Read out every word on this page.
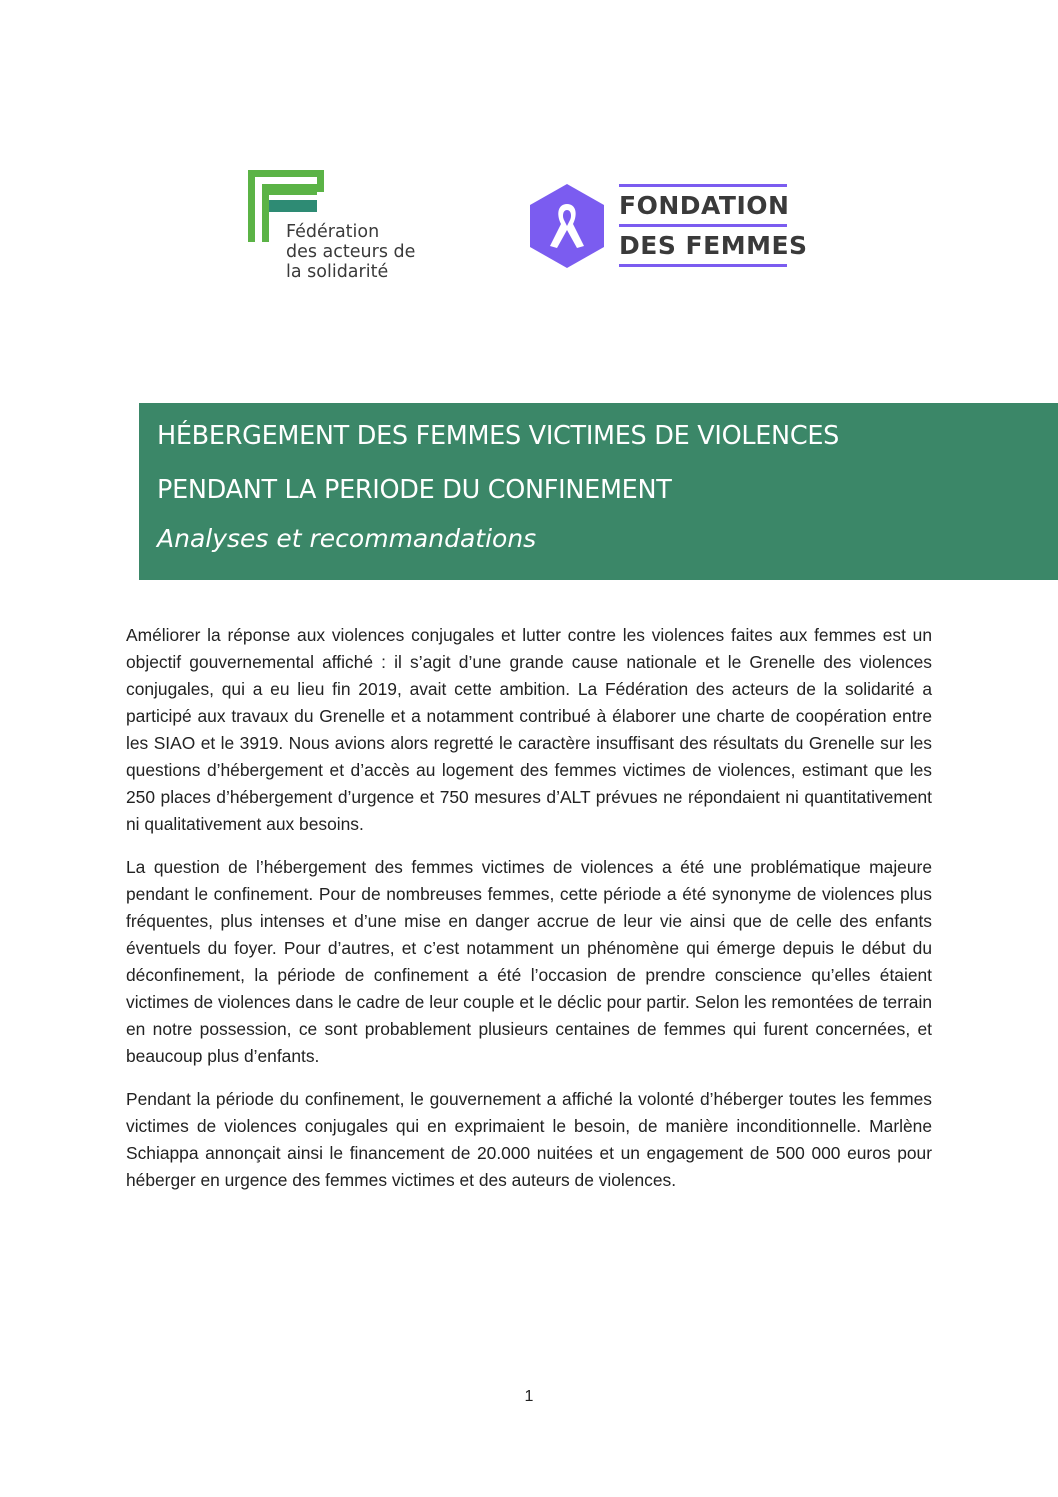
Fédération
des acteurs de
la solidarité
FONDATION
DES FEMMES
HÉBERGEMENT DES FEMMES VICTIMES DE VIOLENCES
PENDANT LA PERIODE DU CONFINEMENT
Analyses et recommandations

Améliorer la réponse aux violences conjugales et lutter contre les violences faites aux femmes est un objectif gouvernemental affiché : il s’agit d’une grande cause nationale et le Grenelle des violences conjugales, qui a eu lieu fin 2019, avait cette ambition. La Fédération des acteurs de la solidarité a participé aux travaux du Grenelle et a notamment contribué à élaborer une charte de coopération entre les SIAO et le 3919. Nous avions alors regretté le caractère insuffisant des résultats du Grenelle sur les questions d’hébergement et d’accès au logement des femmes victimes de violences, estimant que les 250 places d’hébergement d’urgence et 750 mesures d’ALT prévues ne répondaient ni quantitativement ni qualitativement aux besoins.

La question de l’hébergement des femmes victimes de violences a été une problématique majeure pendant le confinement. Pour de nombreuses femmes, cette période a été synonyme de violences plus fréquentes, plus intenses et d’une mise en danger accrue de leur vie ainsi que de celle des enfants éventuels du foyer. Pour d’autres, et c’est notamment un phénomène qui émerge depuis le début du déconfinement, la période de confinement a été l’occasion de prendre conscience qu’elles étaient victimes de violences dans le cadre de leur couple et le déclic pour partir. Selon les remontées de terrain en notre possession, ce sont probablement plusieurs centaines de femmes qui furent concernées, et beaucoup plus d’enfants.

Pendant la période du confinement, le gouvernement a affiché la volonté d’héberger toutes les femmes victimes de violences conjugales qui en exprimaient le besoin, de manière inconditionnelle. Marlène Schiappa annonçait ainsi le financement de 20.000 nuitées et un engagement de 500 000 euros pour héberger en urgence des femmes victimes et des auteurs de violences.

1
